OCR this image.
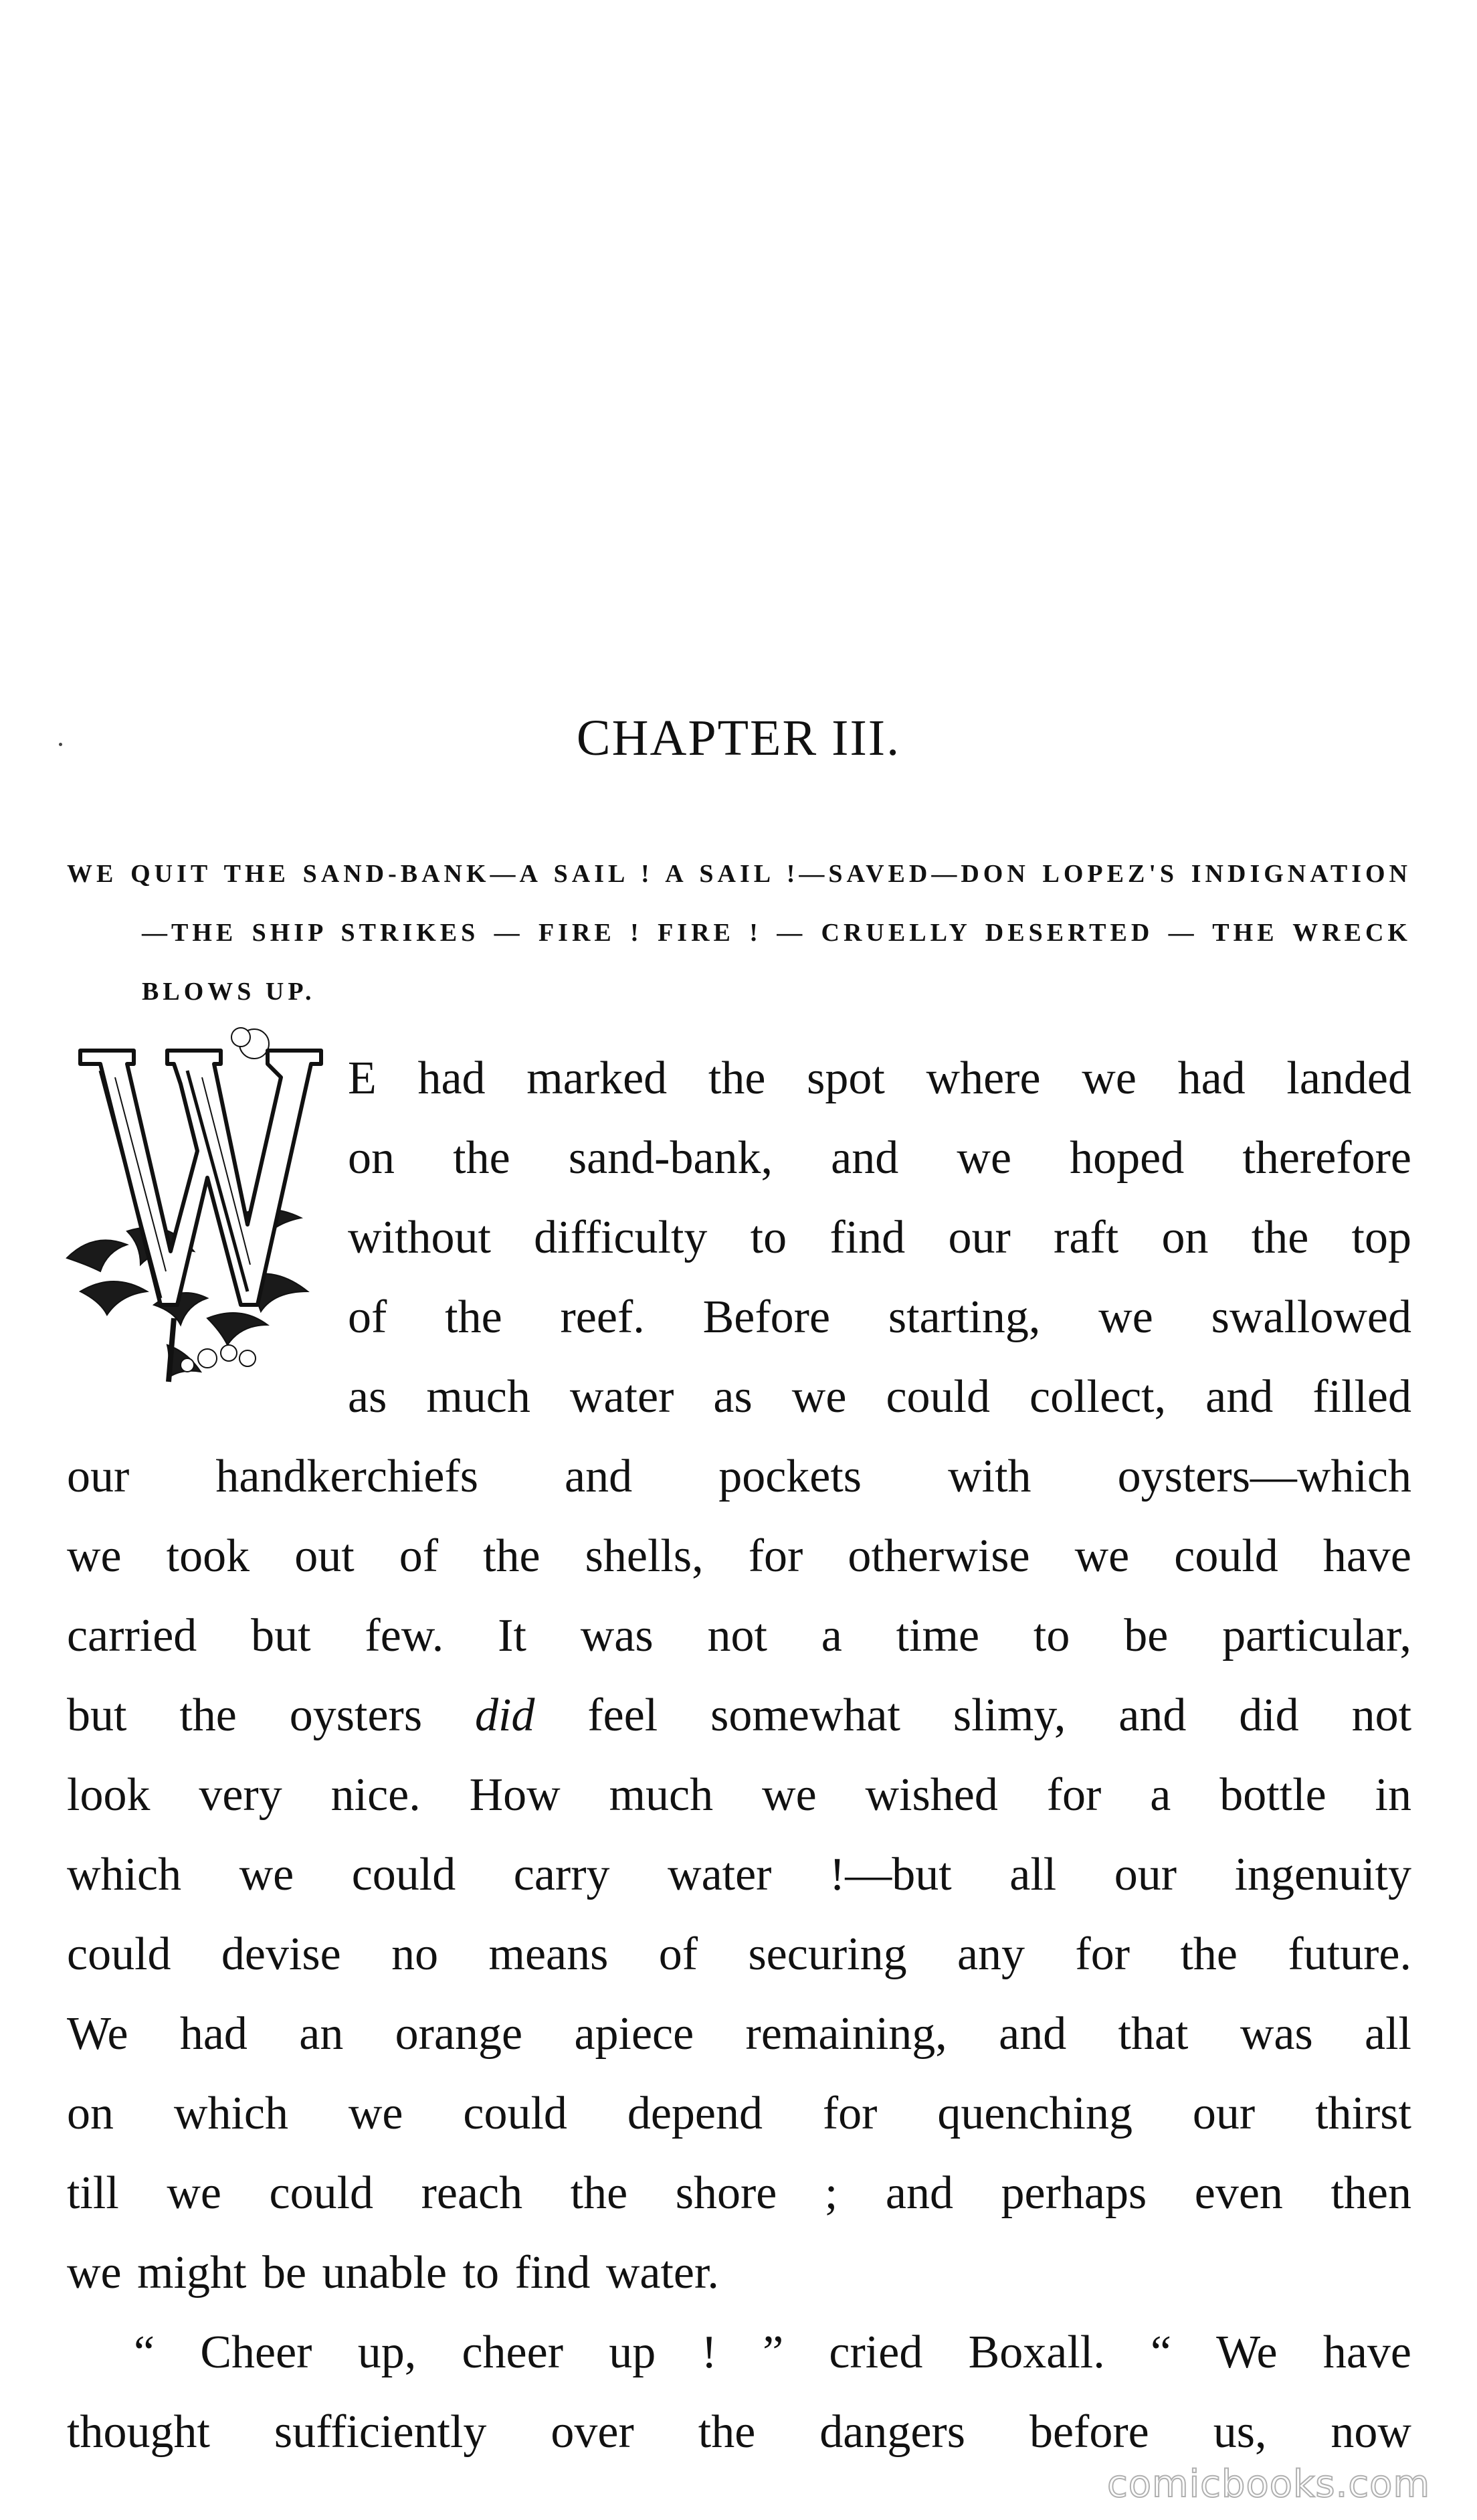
CHAPTER III.
WE QUIT THE SAND-BANK—A SAIL ! A SAIL !—SAVED—DON LOPEZ'S INDIGNATION —THE SHIP STRIKES — FIRE ! FIRE ! — CRUELLY DESERTED — THE WRECK BLOWS UP.
E had marked the spot where we had landed
on the sand-bank, and we hoped therefore
without difficulty to find our raft on the top
of the reef. Before starting, we swallowed
as much water as we could collect, and filled
our handkerchiefs and pockets with oysters—which
we took out of the shells, for otherwise we could have
carried but few. It was not a time to be particular,
but the oysters did feel somewhat slimy, and did not
look very nice. How much we wished for a bottle in
which we could carry water !—but all our ingenuity
could devise no means of securing any for the future.
We had an orange apiece remaining, and that was all
on which we could depend for quenching our thirst
till we could reach the shore ; and perhaps even then
we might be unable to find water.
“ Cheer up, cheer up ! ” cried Boxall. “ We have
thought sufficiently over the dangers before us, now
comicbooks.com
